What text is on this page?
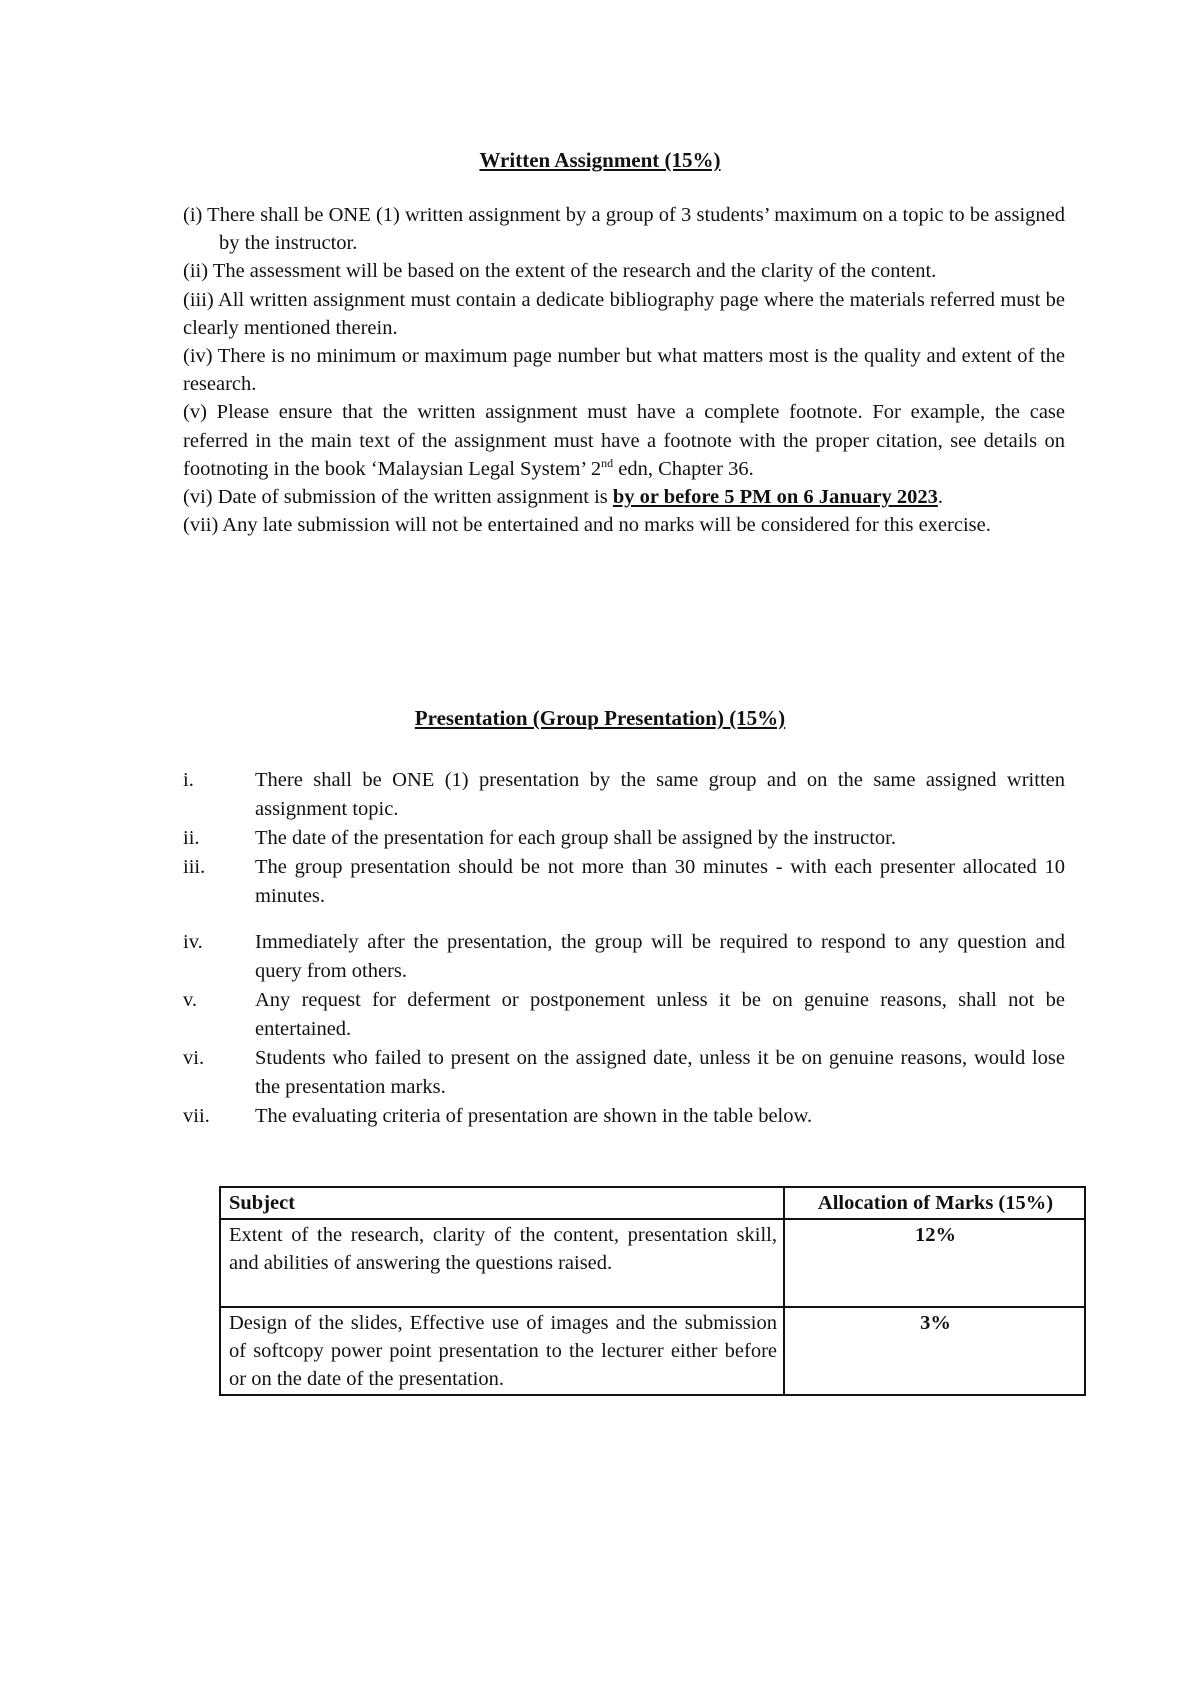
Written Assignment (15%)

(i) There shall be ONE (1) written assignment by a group of 3 students’ maximum on a topic to be assigned by the instructor.

(ii) The assessment will be based on the extent of the research and the clarity of the content.

(iii) All written assignment must contain a dedicate bibliography page where the materials referred must be clearly mentioned therein.

(iv) There is no minimum or maximum page number but what matters most is the quality and extent of the research.

(v) Please ensure that the written assignment must have a complete footnote. For example, the case referred in the main text of the assignment must have a footnote with the proper citation, see details on footnoting in the book ‘Malaysian Legal System’ 2nd edn, Chapter 36.

(vi) Date of submission of the written assignment is by or before 5 PM on 6 January 2023.

(vii) Any late submission will not be entertained and no marks will be considered for this exercise.

Presentation (Group Presentation) (15%)
i.	There shall be ONE (1) presentation by the same group and on the same assigned written assignment topic.
ii.	The date of the presentation for each group shall be assigned by the instructor.
iii.	The group presentation should be not more than 30 minutes - with each presenter allocated 10 minutes.
iv.	Immediately after the presentation, the group will be required to respond to any question and query from others.
v.	Any request for deferment or postponement unless it be on genuine reasons, shall not be entertained.
vi.	Students who failed to present on the assigned date, unless it be on genuine reasons, would lose the presentation marks.
vii.	The evaluating criteria of presentation are shown in the table below.
Subject	Allocation of Marks (15%)
Extent of the research, clarity of the content, presentation skill, and abilities of answering the questions raised.	12%
Design of the slides, Effective use of images and the submission of softcopy power point presentation to the lecturer either before or on the date of the presentation.	3%
